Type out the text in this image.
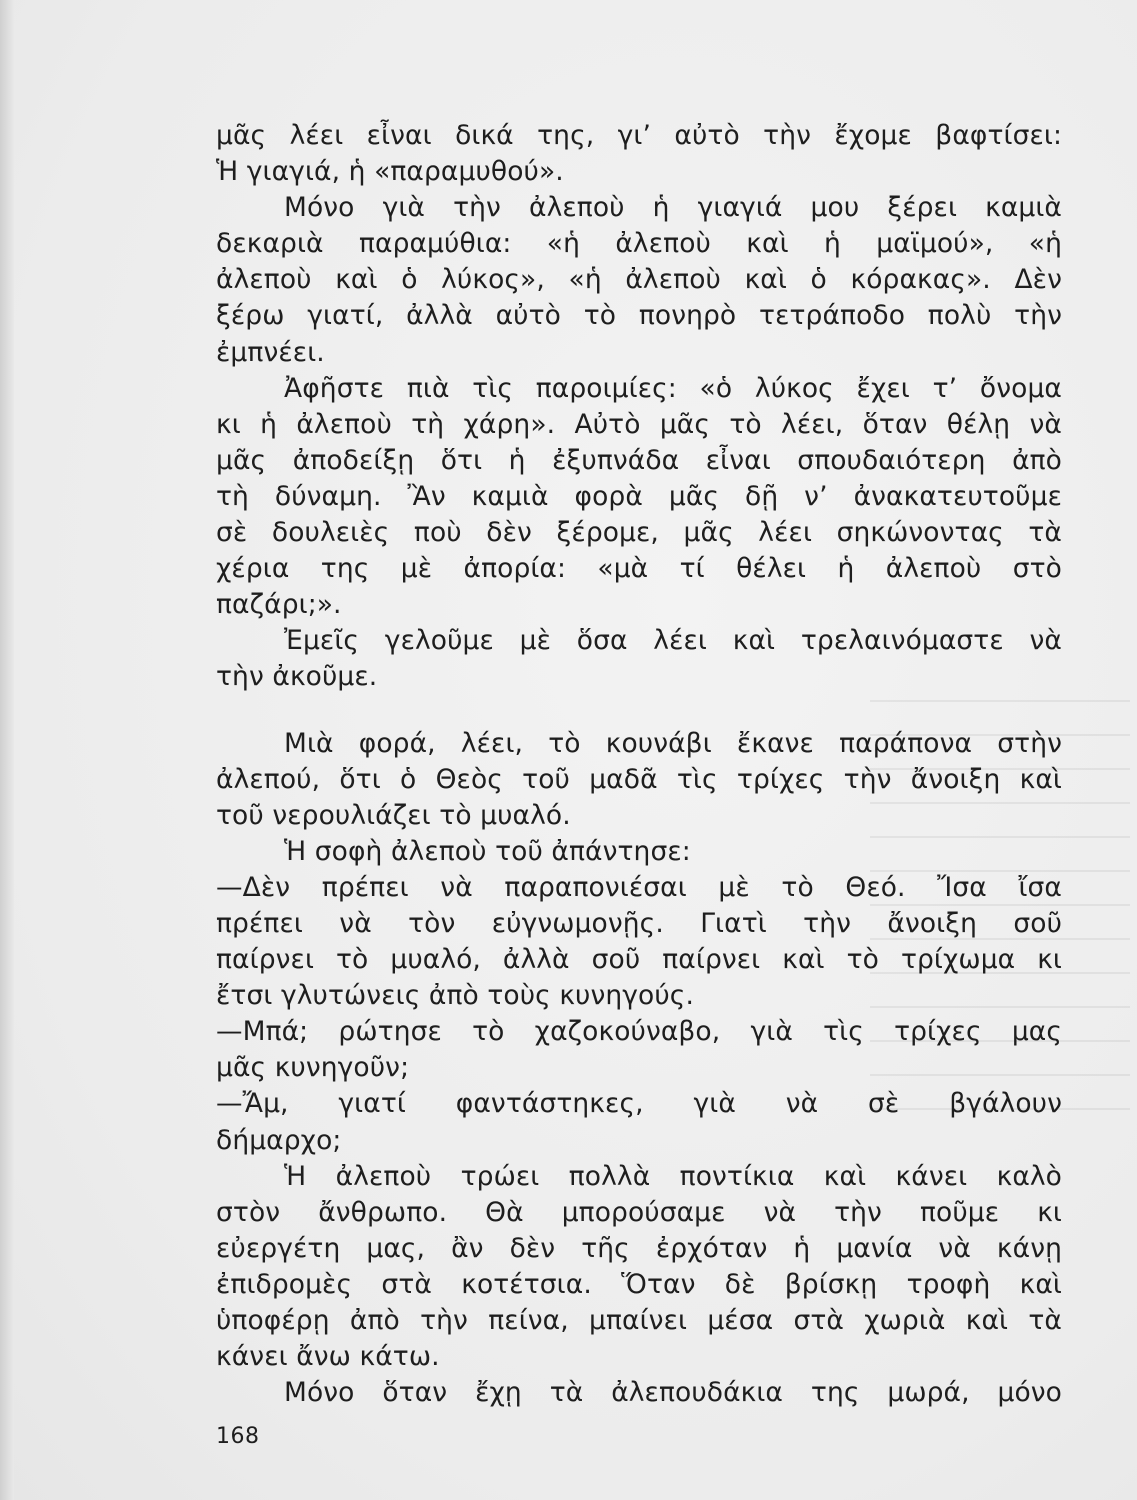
μᾶς λέει εἶναι δικά της, γι’ αὐτὸ τὴν ἔχομε βαφτίσει:
Ἡ γιαγιά, ἡ «παραμυθού».
Μόνο γιὰ τὴν ἀλεποὺ ἡ γιαγιά μου ξέρει καμιὰ
δεκαριὰ παραμύθια: «ἡ ἀλεποὺ καὶ ἡ μαϊμού», «ἡ
ἀλεποὺ καὶ ὁ λύκος», «ἡ ἀλεποὺ καὶ ὁ κόρακας». Δὲν
ξέρω γιατί, ἀλλὰ αὐτὸ τὸ πονηρὸ τετράποδο πολὺ τὴν
ἐμπνέει.
Ἀφῆστε πιὰ τὶς παροιμίες: «ὁ λύκος ἔχει τ’ ὄνομα
κι ἡ ἀλεποὺ τὴ χάρη». Αὐτὸ μᾶς τὸ λέει, ὅταν θέλῃ νὰ
μᾶς ἀποδείξῃ ὅτι ἡ ἐξυπνάδα εἶναι σπουδαιότερη ἀπὸ
τὴ δύναμη. Ἂν καμιὰ φορὰ μᾶς δῇ ν’ ἀνακατευτοῦμε
σὲ δουλειὲς ποὺ δὲν ξέρομε, μᾶς λέει σηκώνοντας τὰ
χέρια της μὲ ἀπορία: «μὰ τί θέλει ἡ ἀλεποὺ στὸ
παζάρι;».
Ἐμεῖς γελοῦμε μὲ ὅσα λέει καὶ τρελαινόμαστε νὰ
τὴν ἀκοῦμε.
Μιὰ φορά, λέει, τὸ κουνάβι ἔκανε παράπονα στὴν
ἀλεπού, ὅτι ὁ Θεὸς τοῦ μαδᾶ τὶς τρίχες τὴν ἄνοιξη καὶ
τοῦ νερουλιάζει τὸ μυαλό.
Ἡ σοφὴ ἀλεποὺ τοῦ ἀπάντησε:
—Δὲν πρέπει νὰ παραπονιέσαι μὲ τὸ Θεό. Ἴσα ἴσα
πρέπει νὰ τὸν εὐγνωμονῇς. Γιατὶ τὴν ἄνοιξη σοῦ
παίρνει τὸ μυαλό, ἀλλὰ σοῦ παίρνει καὶ τὸ τρίχωμα κι
ἔτσι γλυτώνεις ἀπὸ τοὺς κυνηγούς.
—Μπά; ρώτησε τὸ χαζοκούναβο, γιὰ τὶς τρίχες μας
μᾶς κυνηγοῦν;
—Ἄμ, γιατί φαντάστηκες, γιὰ νὰ σὲ βγάλουν
δήμαρχο;
Ἡ ἀλεποὺ τρώει πολλὰ ποντίκια καὶ κάνει καλὸ
στὸν ἄνθρωπο. Θὰ μπορούσαμε νὰ τὴν ποῦμε κι
εὐεργέτη μας, ἂν δὲν τῆς ἐρχόταν ἡ μανία νὰ κάνῃ
ἐπιδρομὲς στὰ κοτέτσια. Ὅταν δὲ βρίσκῃ τροφὴ καὶ
ὑποφέρῃ ἀπὸ τὴν πείνα, μπαίνει μέσα στὰ χωριὰ καὶ τὰ
κάνει ἄνω κάτω.
Μόνο ὅταν ἔχῃ τὰ ἀλεπουδάκια της μωρά, μόνο
168
